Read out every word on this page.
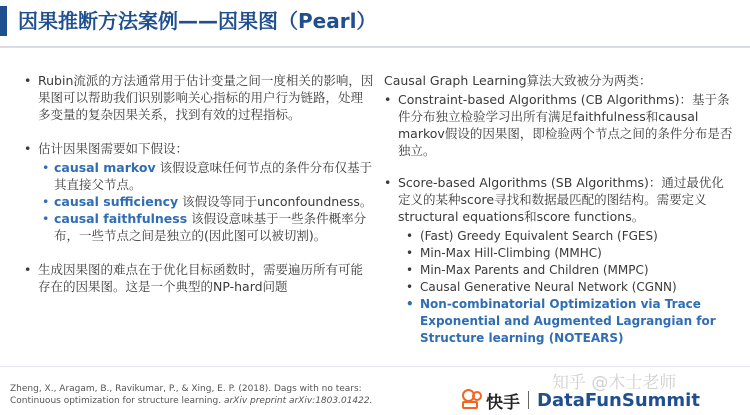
因果推断方法案例——因果图（Pearl）
• Rubin流派的方法通常用于估计变量之间一度相关的影响，因果图可以帮助我们识别影响关心指标的用户行为链路，处理多变量的复杂因果关系，找到有效的过程指标。
• 估计因果图需要如下假设：
• causal markov 该假设意味任何节点的条件分布仅基于其直接父节点。
• causal sufficiency 该假设等同于unconfoundness。
• causal faithfulness 该假设意味基于一些条件概率分布，一些节点之间是独立的(因此图可以被切割)。
• 生成因果图的难点在于优化目标函数时，需要遍历所有可能存在的因果图。这是一个典型的NP-hard问题
Causal Graph Learning算法大致被分为两类：
• Constraint-based Algorithms (CB Algorithms)：基于条件分布独立检验学习出所有满足faithfulness和causal markov假设的因果图，即检验两个节点之间的条件分布是否独立。
• Score-based Algorithms (SB Algorithms)：通过最优化定义的某种score寻找和数据最匹配的图结构。需要定义structural equations和score functions。
• (Fast) Greedy Equivalent Search (FGES)
• Min-Max Hill-Climbing (MMHC)
• Min-Max Parents and Children (MMPC)
• Causal Generative Neural Network (CGNN)
• Non-combinatorial Optimization via Trace Exponential and Augmented Lagrangian for Structure learning (NOTEARS)
Zheng, X., Aragam, B., Ravikumar, P., & Xing, E. P. (2018). Dags with no tears: Continuous optimization for structure learning. arXiv preprint arXiv:1803.01422.
知乎 @木士老师
快手 DataFunSummit
